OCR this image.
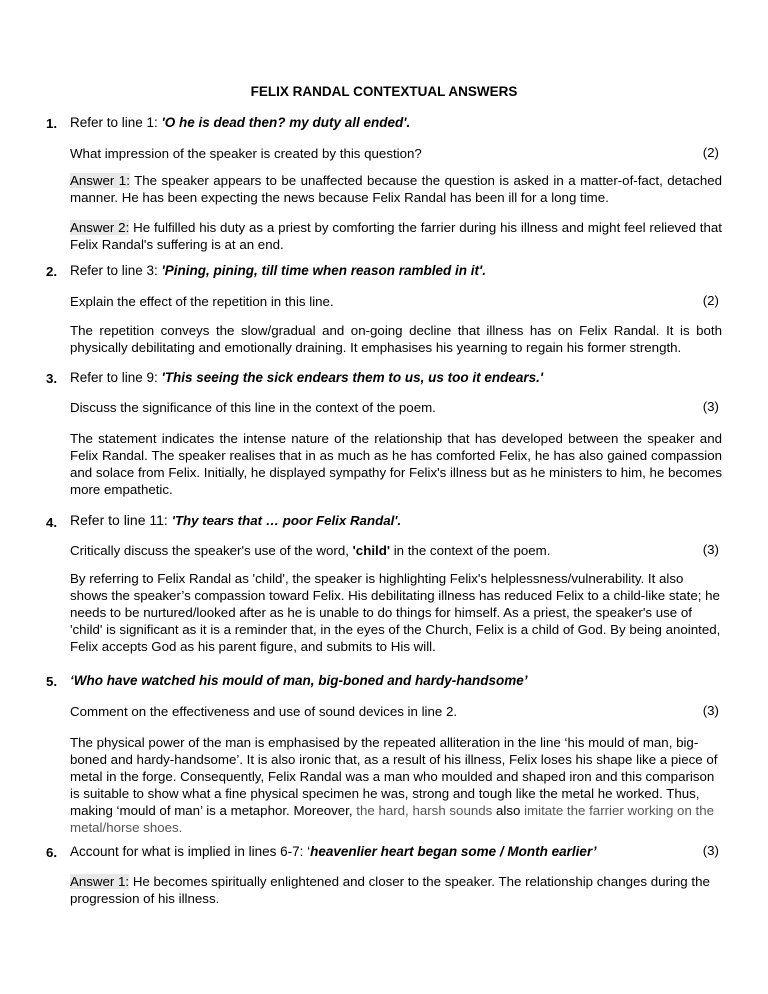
FELIX RANDAL CONTEXTUAL ANSWERS
1. Refer to line 1: 'O he is dead then? my duty all ended'.
What impression of the speaker is created by this question?	(2)
Answer 1: The speaker appears to be unaffected because the question is asked in a matter-of-fact, detached manner. He has been expecting the news because Felix Randal has been ill for a long time.
Answer 2: He fulfilled his duty as a priest by comforting the farrier during his illness and might feel relieved that Felix Randal's suffering is at an end.
2. Refer to line 3: 'Pining, pining, till time when reason rambled in it'.
Explain the effect of the repetition in this line.	(2)
The repetition conveys the slow/gradual and on-going decline that illness has on Felix Randal. It is both physically debilitating and emotionally draining. It emphasises his yearning to regain his former strength.
3. Refer to line 9: 'This seeing the sick endears them to us, us too it endears.'
Discuss the significance of this line in the context of the poem.	(3)
The statement indicates the intense nature of the relationship that has developed between the speaker and Felix Randal. The speaker realises that in as much as he has comforted Felix, he has also gained compassion and solace from Felix. Initially, he displayed sympathy for Felix's illness but as he ministers to him, he becomes more empathetic.
4. Refer to line 11: 'Thy tears that … poor Felix Randal'.
Critically discuss the speaker's use of the word, 'child' in the context of the poem.	(3)
By referring to Felix Randal as 'child', the speaker is highlighting Felix's helplessness/vulnerability. It also shows the speaker’s compassion toward Felix. His debilitating illness has reduced Felix to a child-like state; he needs to be nurtured/looked after as he is unable to do things for himself. As a priest, the speaker's use of 'child' is significant as it is a reminder that, in the eyes of the Church, Felix is a child of God. By being anointed, Felix accepts God as his parent figure, and submits to His will.
5. ‘Who have watched his mould of man, big-boned and hardy-handsome’
Comment on the effectiveness and use of sound devices in line 2.	(3)
The physical power of the man is emphasised by the repeated alliteration in the line ‘his mould of man, big-boned and hardy-handsome’. It is also ironic that, as a result of his illness, Felix loses his shape like a piece of metal in the forge. Consequently, Felix Randal was a man who moulded and shaped iron and this comparison is suitable to show what a fine physical specimen he was, strong and tough like the metal he worked. Thus, making ‘mould of man’ is a metaphor. Moreover, the hard, harsh sounds also imitate the farrier working on the metal/horse shoes.
6. Account for what is implied in lines 6-7: ‘heavenlier heart began some / Month earlier’	(3)
Answer 1: He becomes spiritually enlightened and closer to the speaker. The relationship changes during the progression of his illness.
